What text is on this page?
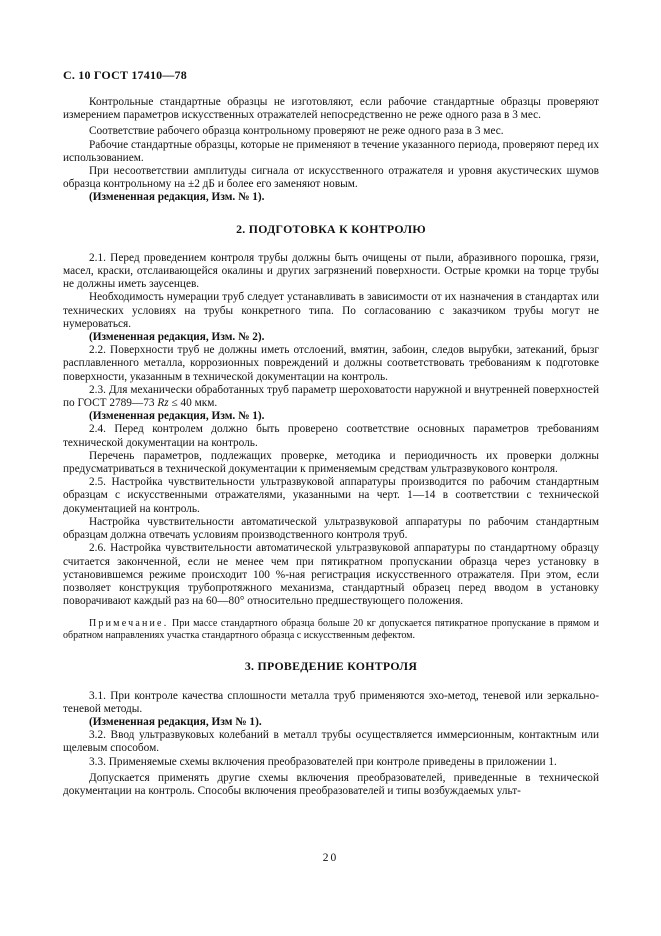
С. 10 ГОСТ 17410—78

Контрольные стандартные образцы не изготовляют, если рабочие стандартные образцы проверяют измерением параметров искусственных отражателей непосредственно не реже одного раза в 3 мес.

Соответствие рабочего образца контрольному проверяют не реже одного раза в 3 мес.

Рабочие стандартные образцы, которые не применяют в течение указанного периода, проверяют перед их использованием.

При несоответствии амплитуды сигнала от искусственного отражателя и уровня акустических шумов образца контрольному на ±2 дБ и более его заменяют новым.

(Измененная редакция, Изм. № 1).

2. ПОДГОТОВКА К КОНТРОЛЮ

2.1. Перед проведением контроля трубы должны быть очищены от пыли, абразивного порошка, грязи, масел, краски, отслаивающейся окалины и других загрязнений поверхности. Острые кромки на торце трубы не должны иметь заусенцев.

Необходимость нумерации труб следует устанавливать в зависимости от их назначения в стандартах или технических условиях на трубы конкретного типа. По согласованию с заказчиком трубы могут не нумероваться.

(Измененная редакция, Изм. № 2).

2.2. Поверхности труб не должны иметь отслоений, вмятин, забоин, следов вырубки, затеканий, брызг расплавленного металла, коррозионных повреждений и должны соответствовать требованиям к подготовке поверхности, указанным в технической документации на контроль.

2.3. Для механически обработанных труб параметр шероховатости наружной и внутренней поверхностей по ГОСТ 2789—73 Rz ≤ 40 мкм.

(Измененная редакция, Изм. № 1).

2.4. Перед контролем должно быть проверено соответствие основных параметров требованиям технической документации на контроль.

Перечень параметров, подлежащих проверке, методика и периодичность их проверки должны предусматриваться в технической документации к применяемым средствам ультразвукового контроля.

2.5. Настройка чувствительности ультразвуковой аппаратуры производится по рабочим стандартным образцам с искусственными отражателями, указанными на черт. 1—14 в соответствии с технической документацией на контроль.

Настройка чувствительности автоматической ультразвуковой аппаратуры по рабочим стандартным образцам должна отвечать условиям производственного контроля труб.

2.6. Настройка чувствительности автоматической ультразвуковой аппаратуры по стандартному образцу считается законченной, если не менее чем при пятикратном пропускании образца через установку в установившемся режиме происходит 100 %-ная регистрация искусственного отражателя. При этом, если позволяет конструкция трубопротяжного механизма, стандартный образец перед вводом в установку поворачивают каждый раз на 60—80° относительно предшествующего положения.

Примечание. При массе стандартного образца больше 20 кг допускается пятикратное пропускание в прямом и обратном направлениях участка стандартного образца с искусственным дефектом.

3. ПРОВЕДЕНИЕ КОНТРОЛЯ

3.1. При контроле качества сплошности металла труб применяются эхо-метод, теневой или зеркально-теневой методы.

(Измененная редакция, Изм № 1).

3.2. Ввод ультразвуковых колебаний в металл трубы осуществляется иммерсионным, контактным или щелевым способом.

3.3. Применяемые схемы включения преобразователей при контроле приведены в приложении 1.

Допускается применять другие схемы включения преобразователей, приведенные в технической документации на контроль. Способы включения преобразователей и типы возбуждаемых ульт-

20
